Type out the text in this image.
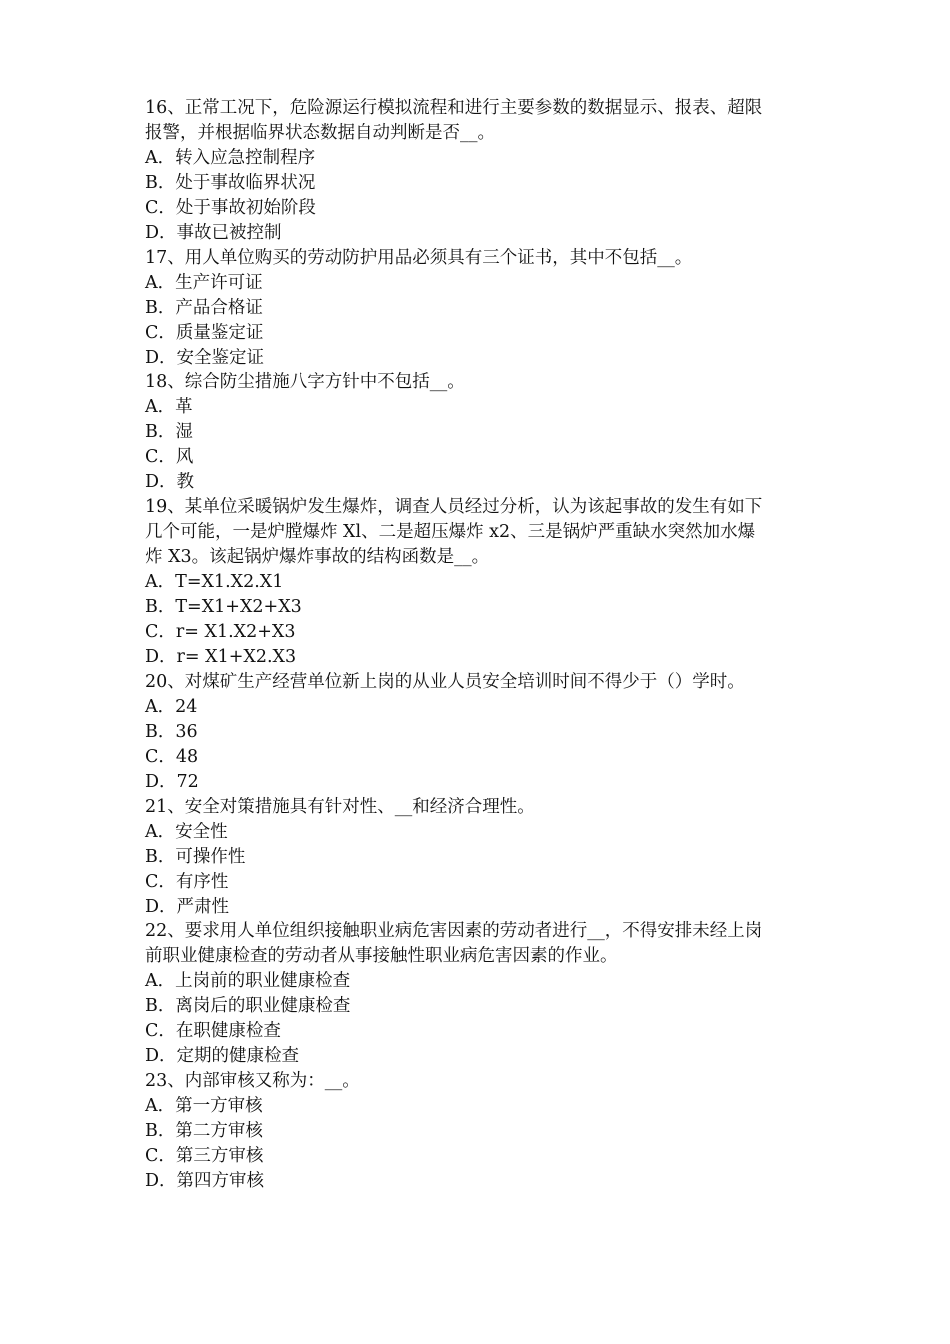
16、正常工况下，危险源运行模拟流程和进行主要参数的数据显示、报表、超限
报警，并根据临界状态数据自动判断是否__。
A．转入应急控制程序
B．处于事故临界状况
C．处于事故初始阶段
D．事故已被控制
17、用人单位购买的劳动防护用品必须具有三个证书，其中不包括__。
A．生产许可证
B．产品合格证
C．质量鉴定证
D．安全鉴定证
18、综合防尘措施八字方针中不包括__。
A．革
B．湿
C．风
D．教
19、某单位采暖锅炉发生爆炸，调查人员经过分析，认为该起事故的发生有如下
几个可能，一是炉膛爆炸 Xl、二是超压爆炸 x2、三是锅炉严重缺水突然加水爆
炸 X3。该起锅炉爆炸事故的结构函数是__。
A．T=X1.X2.X1
B．T=X1+X2+X3
C．r= X1.X2+X3
D．r= X1+X2.X3
20、对煤矿生产经营单位新上岗的从业人员安全培训时间不得少于（）学时。
A．24
B．36
C．48
D．72
21、安全对策措施具有针对性、__和经济合理性。
A．安全性
B．可操作性
C．有序性
D．严肃性
22、要求用人单位组织接触职业病危害因素的劳动者进行__，不得安排未经上岗
前职业健康检查的劳动者从事接触性职业病危害因素的作业。
A．上岗前的职业健康检查
B．离岗后的职业健康检查
C．在职健康检查
D．定期的健康检查
23、内部审核又称为：__。
A．第一方审核
B．第二方审核
C．第三方审核
D．第四方审核
